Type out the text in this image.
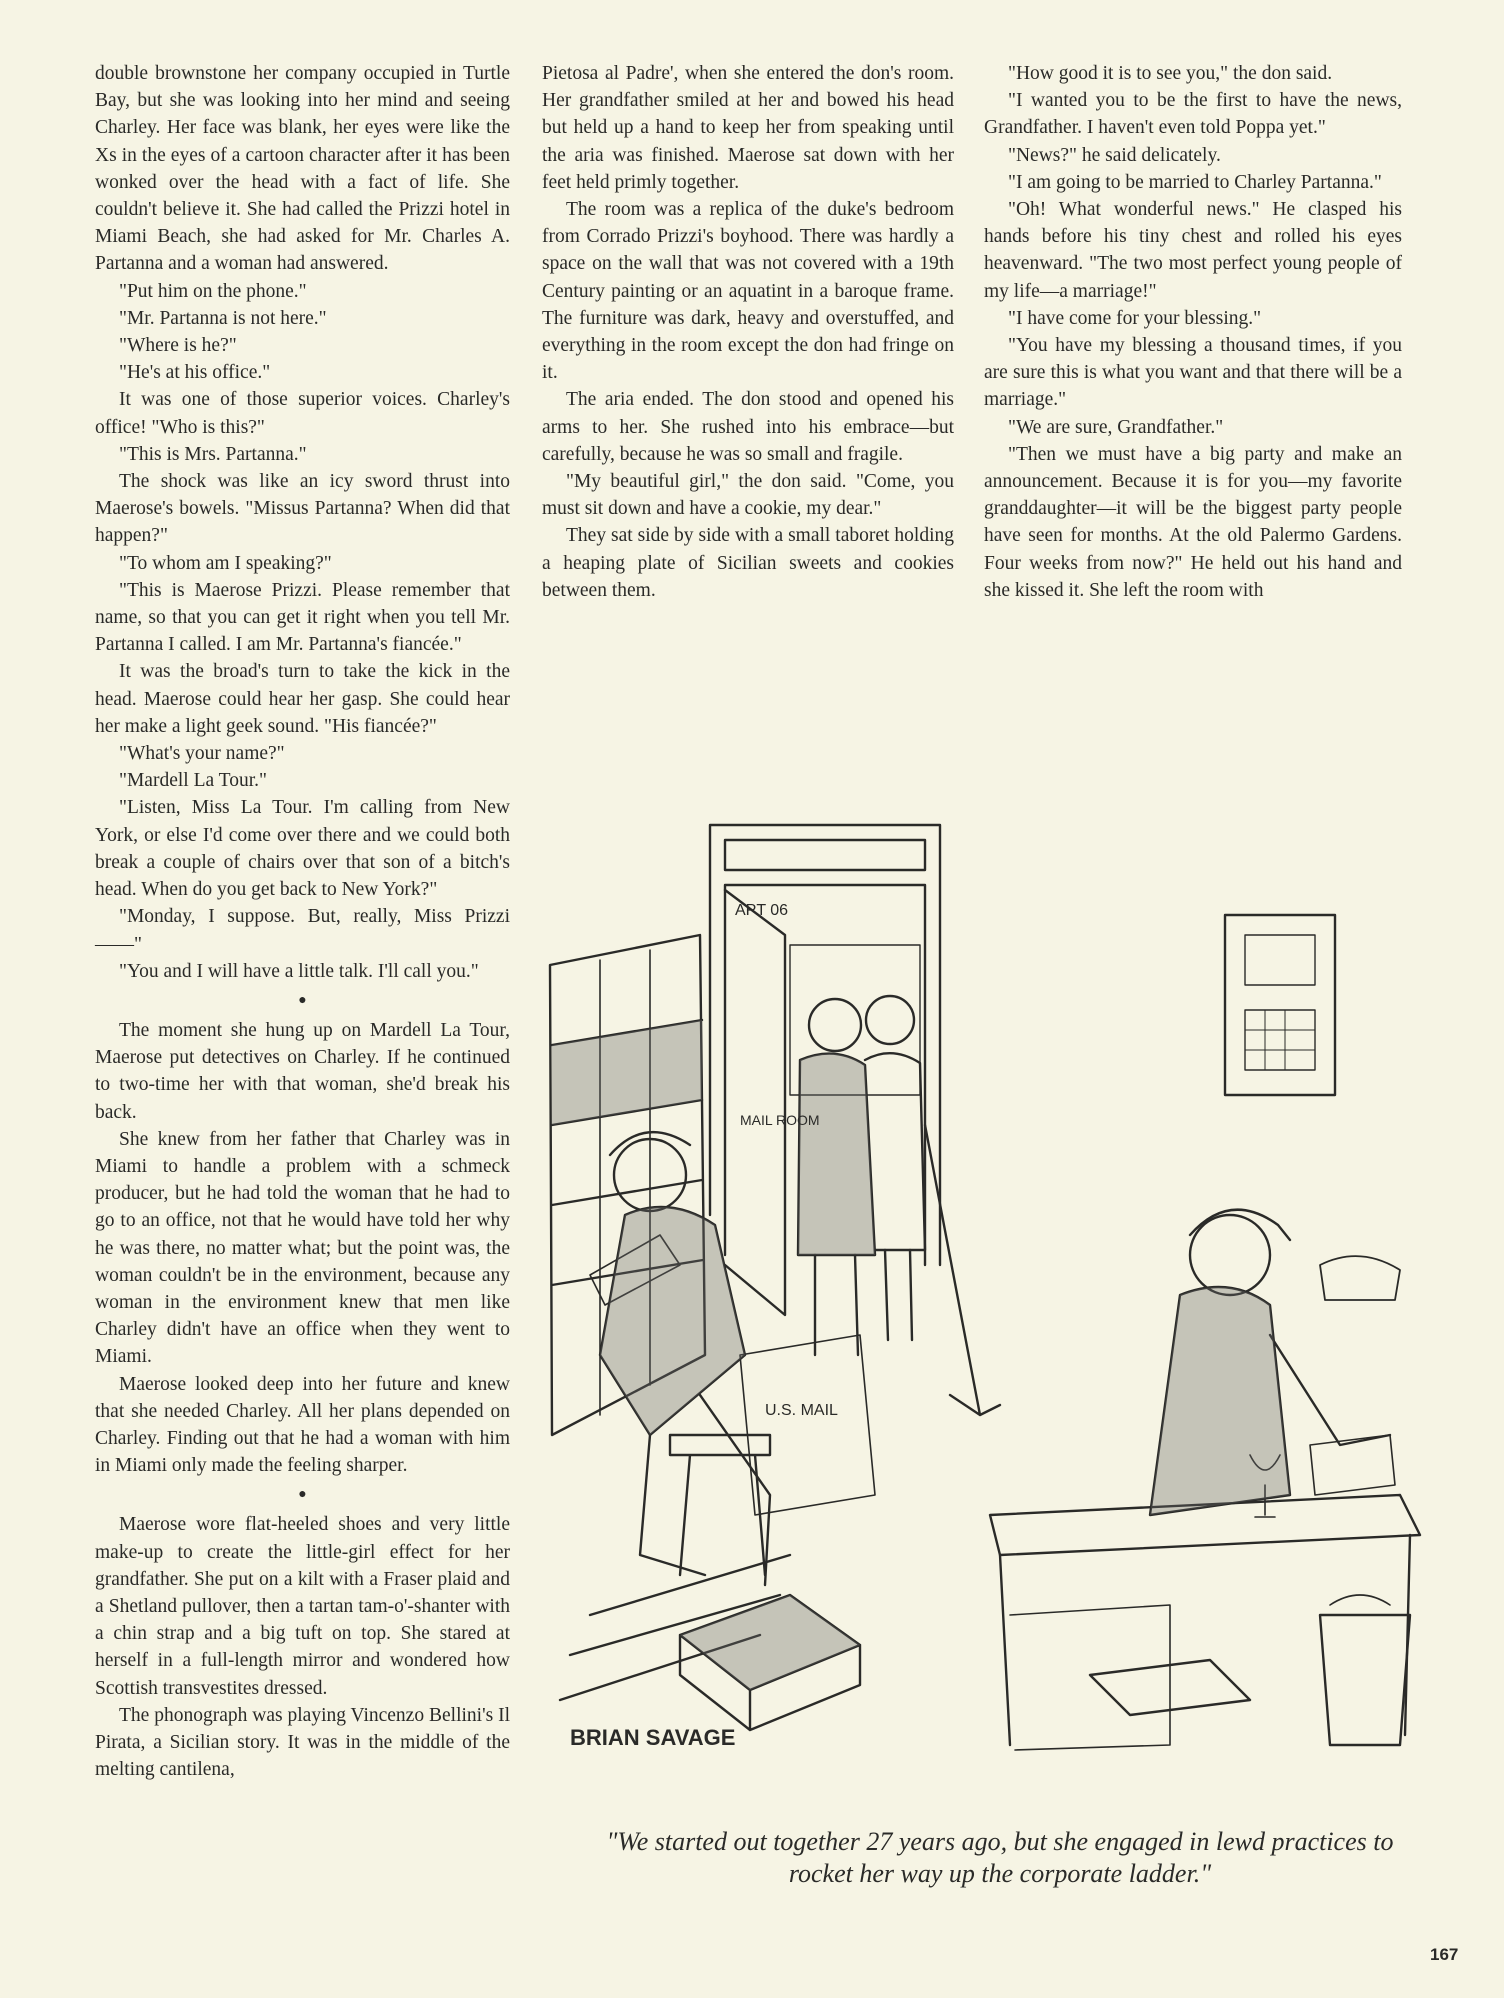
double brownstone her company occupied in Turtle Bay, but she was looking into her mind and seeing Charley. Her face was blank, her eyes were like the Xs in the eyes of a cartoon character after it has been wonked over the head with a fact of life. She couldn't believe it. She had called the Prizzi hotel in Miami Beach, she had asked for Mr. Charles A. Partanna and a woman had answered.

"Put him on the phone."

"Mr. Partanna is not here."

"Where is he?"

"He's at his office."

It was one of those superior voices. Charley's office! "Who is this?"

"This is Mrs. Partanna."

The shock was like an icy sword thrust into Maerose's bowels. "Missus Partanna? When did that happen?"

"To whom am I speaking?"

"This is Maerose Prizzi. Please remember that name, so that you can get it right when you tell Mr. Partanna I called. I am Mr. Partanna's fiancée."

It was the broad's turn to take the kick in the head. Maerose could hear her gasp. She could hear her make a light geek sound. "His fiancée?"

"What's your name?"

"Mardell La Tour."

"Listen, Miss La Tour. I'm calling from New York, or else I'd come over there and we could both break a couple of chairs over that son of a bitch's head. When do you get back to New York?"

"Monday, I suppose. But, really, Miss Prizzi——"

"You and I will have a little talk. I'll call you."

●

The moment she hung up on Mardell La Tour, Maerose put detectives on Charley. If he continued to two-time her with that woman, she'd break his back.

She knew from her father that Charley was in Miami to handle a problem with a schmeck producer, but he had told the woman that he had to go to an office, not that he would have told her why he was there, no matter what; but the point was, the woman couldn't be in the environment, because any woman in the environment knew that men like Charley didn't have an office when they went to Miami.

Maerose looked deep into her future and knew that she needed Charley. All her plans depended on Charley. Finding out that he had a woman with him in Miami only made the feeling sharper.

●

Maerose wore flat-heeled shoes and very little make-up to create the little-girl effect for her grandfather. She put on a kilt with a Fraser plaid and a Shetland pullover, then a tartan tam-o'-shanter with a chin strap and a big tuft on top. She stared at herself in a full-length mirror and wondered how Scottish transvestites dressed.

The phonograph was playing Vincenzo Bellini's Il Pirata, a Sicilian story. It was in the middle of the melting cantilena,

Pietosa al Padre', when she entered the don's room. Her grandfather smiled at her and bowed his head but held up a hand to keep her from speaking until the aria was finished. Maerose sat down with her feet held primly together.

The room was a replica of the duke's bedroom from Corrado Prizzi's boyhood. There was hardly a space on the wall that was not covered with a 19th Century painting or an aquatint in a baroque frame. The furniture was dark, heavy and overstuffed, and everything in the room except the don had fringe on it.

The aria ended. The don stood and opened his arms to her. She rushed into his embrace—but carefully, because he was so small and fragile.

"My beautiful girl," the don said. "Come, you must sit down and have a cookie, my dear."

They sat side by side with a small taboret holding a heaping plate of Sicilian sweets and cookies between them.

"How good it is to see you," the don said.

"I wanted you to be the first to have the news, Grandfather. I haven't even told Poppa yet."

"News?" he said delicately.

"I am going to be married to Charley Partanna."

"Oh! What wonderful news." He clasped his hands before his tiny chest and rolled his eyes heavenward. "The two most perfect young people of my life—a marriage!"

"I have come for your blessing."

"You have my blessing a thousand times, if you are sure this is what you want and that there will be a marriage."

"We are sure, Grandfather."

"Then we must have a big party and make an announcement. Because it is for you—my favorite granddaughter—it will be the biggest party people have seen for months. At the old Palermo Gardens. Four weeks from now?" He held out his hand and she kissed it. She left the room with

APT 06
MAIL ROOM
U.S. MAIL
BRIAN SAVAGE
"We started out together 27 years ago, but she engaged in lewd practices to rocket her way up the corporate ladder."
167
